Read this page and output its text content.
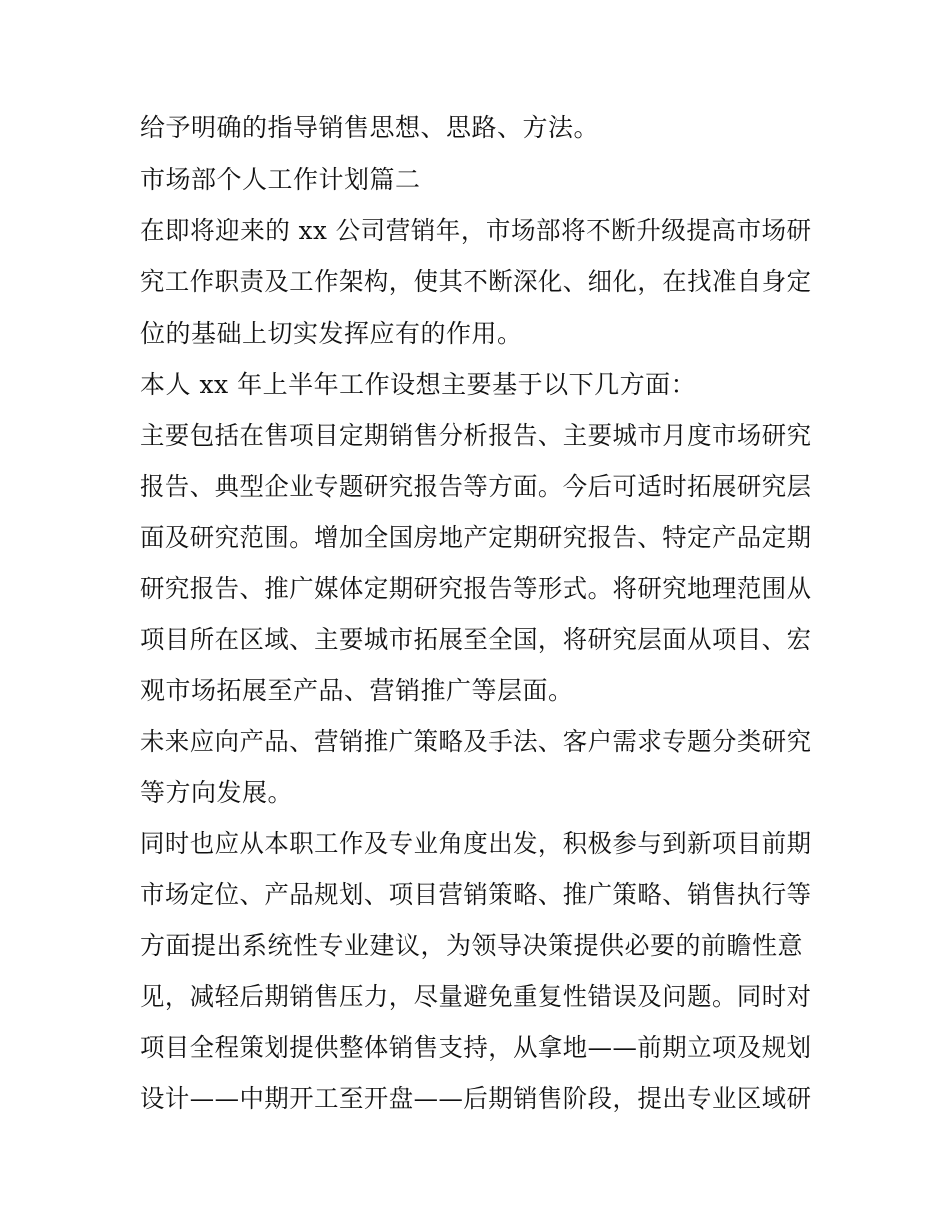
给予明确的指导销售思想、思路、方法。
市场部个人工作计划篇二
在即将迎来的 xx 公司营销年，市场部将不断升级提高市场研
究工作职责及工作架构，使其不断深化、细化，在找准自身定
位的基础上切实发挥应有的作用。
本人 xx 年上半年工作设想主要基于以下几方面：
主要包括在售项目定期销售分析报告、主要城市月度市场研究
报告、典型企业专题研究报告等方面。今后可适时拓展研究层
面及研究范围。增加全国房地产定期研究报告、特定产品定期
研究报告、推广媒体定期研究报告等形式。将研究地理范围从
项目所在区域、主要城市拓展至全国，将研究层面从项目、宏
观市场拓展至产品、营销推广等层面。
未来应向产品、营销推广策略及手法、客户需求专题分类研究
等方向发展。
同时也应从本职工作及专业角度出发，积极参与到新项目前期
市场定位、产品规划、项目营销策略、推广策略、销售执行等
方面提出系统性专业建议，为领导决策提供必要的前瞻性意
见，减轻后期销售压力，尽量避免重复性错误及问题。同时对
项目全程策划提供整体销售支持，从拿地——前期立项及规划
设计——中期开工至开盘——后期销售阶段，提出专业区域研
